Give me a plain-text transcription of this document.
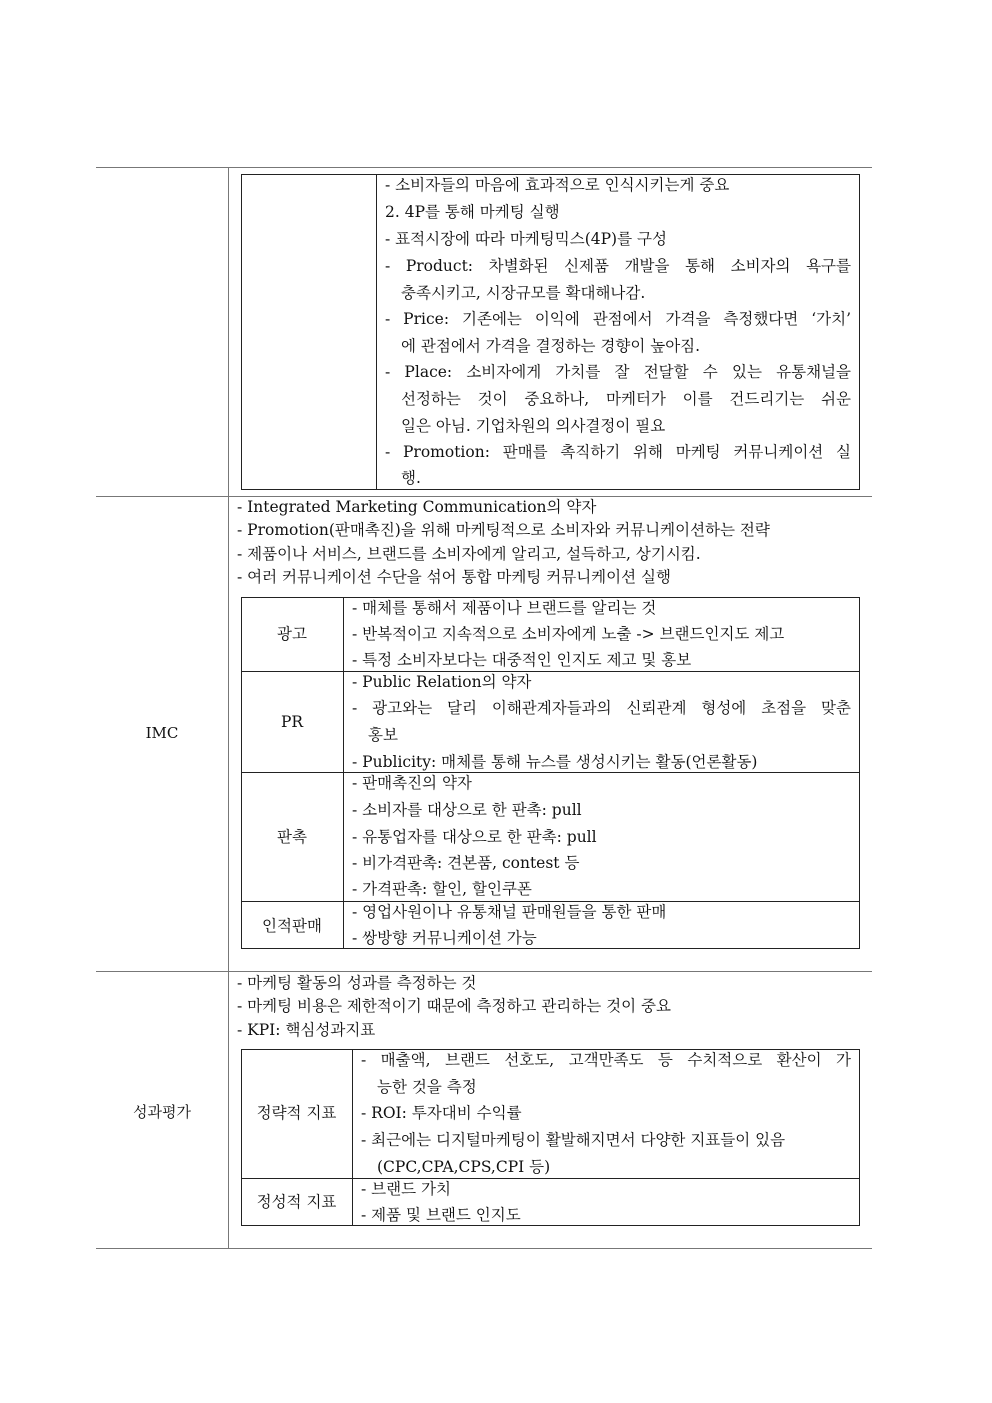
- 소비자들의 마음에 효과적으로 인식시키는게 중요
2. 4P를 통해 마케팅 실행
- 표적시장에 따라 마케팅믹스(4P)를 구성
- Product: 차별화된 신제품 개발을 통해 소비자의 욕구를
충족시키고, 시장규모를 확대해나감.
- Price: 기존에는 이익에 관점에서 가격을 측정했다면 ‘가치’
에 관점에서 가격을 결정하는 경향이 높아짐.
- Place: 소비자에게 가치를 잘 전달할 수 있는 유통채널을
선정하는 것이 중요하나, 마케터가 이를 건드리기는 쉬운
일은 아님. 기업차원의 의사결정이 필요
- Promotion: 판매를 촉직하기 위해 마케팅 커뮤니케이션 실
행.
IMC
- Integrated Marketing Communication의 약자
- Promotion(판매촉진)을 위해 마케팅적으로 소비자와 커뮤니케이션하는 전략
- 제품이나 서비스, 브랜드를 소비자에게 알리고, 설득하고, 상기시킴.
- 여러 커뮤니케이션 수단을 섞어 통합 마케팅 커뮤니케이션 실행
광고
- 매체를 통해서 제품이나 브랜드를 알리는 것
- 반복적이고 지속적으로 소비자에게 노출 -> 브랜드인지도 제고
- 특정 소비자보다는 대중적인 인지도 제고 및 홍보
PR
- Public Relation의 약자
- 광고와는 달리 이해관계자들과의 신뢰관계 형성에 초점을 맞춘
홍보
- Publicity: 매체를 통해 뉴스를 생성시키는 활동(언론활동)
판촉
- 판매촉진의 약자
- 소비자를 대상으로 한 판촉: pull
- 유통업자를 대상으로 한 판촉: pull
- 비가격판촉: 견본품, contest 등
- 가격판촉: 할인, 할인쿠폰
인적판매
- 영업사원이나 유통채널 판매원들을 통한 판매
- 쌍방향 커뮤니케이션 가능
성과평가
- 마케팅 활동의 성과를 측정하는 것
- 마케팅 비용은 제한적이기 때문에 측정하고 관리하는 것이 중요
- KPI: 핵심성과지표
정략적 지표
- 매출액, 브랜드 선호도, 고객만족도 등 수치적으로 환산이 가
능한 것을 측정
- ROI: 투자대비 수익률
- 최근에는 디지털마케팅이 활발해지면서 다양한 지표들이 있음
(CPC,CPA,CPS,CPI 등)
정성적 지표
- 브랜드 가치
- 제품 및 브랜드 인지도
